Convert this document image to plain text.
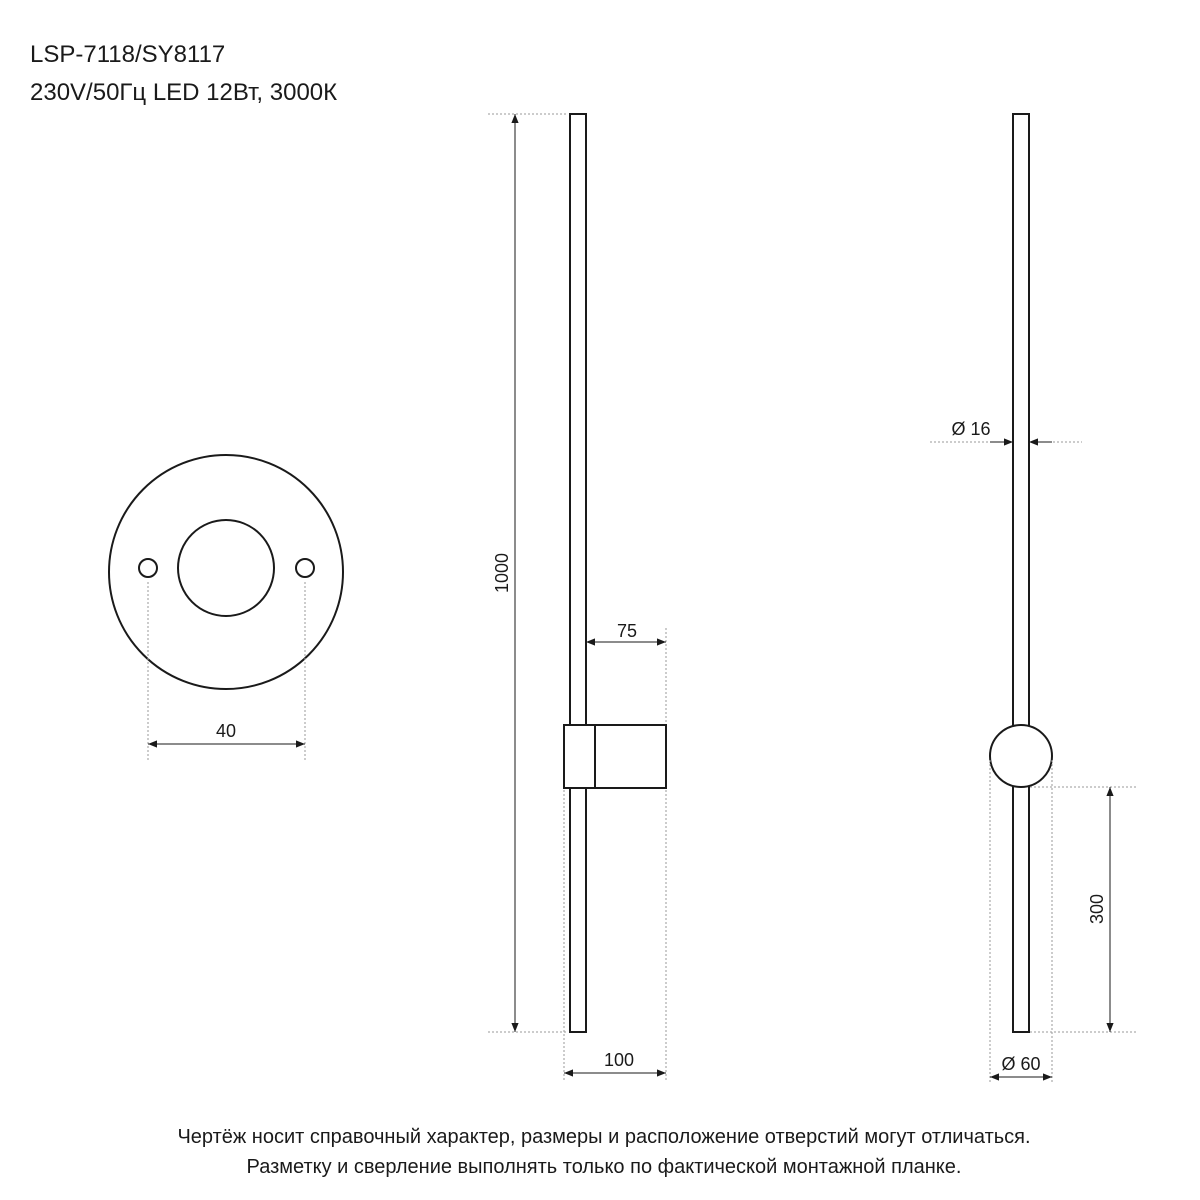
LSP-7118/SY8117
230V/50Гц LED 12Вт, 3000К
40
1000
75
100
Ø 16
300
Ø 60
Чертёж носит справочный характер, размеры и расположение отверстий могут отличаться.
Разметку и сверление выполнять только по фактической монтажной планке.
